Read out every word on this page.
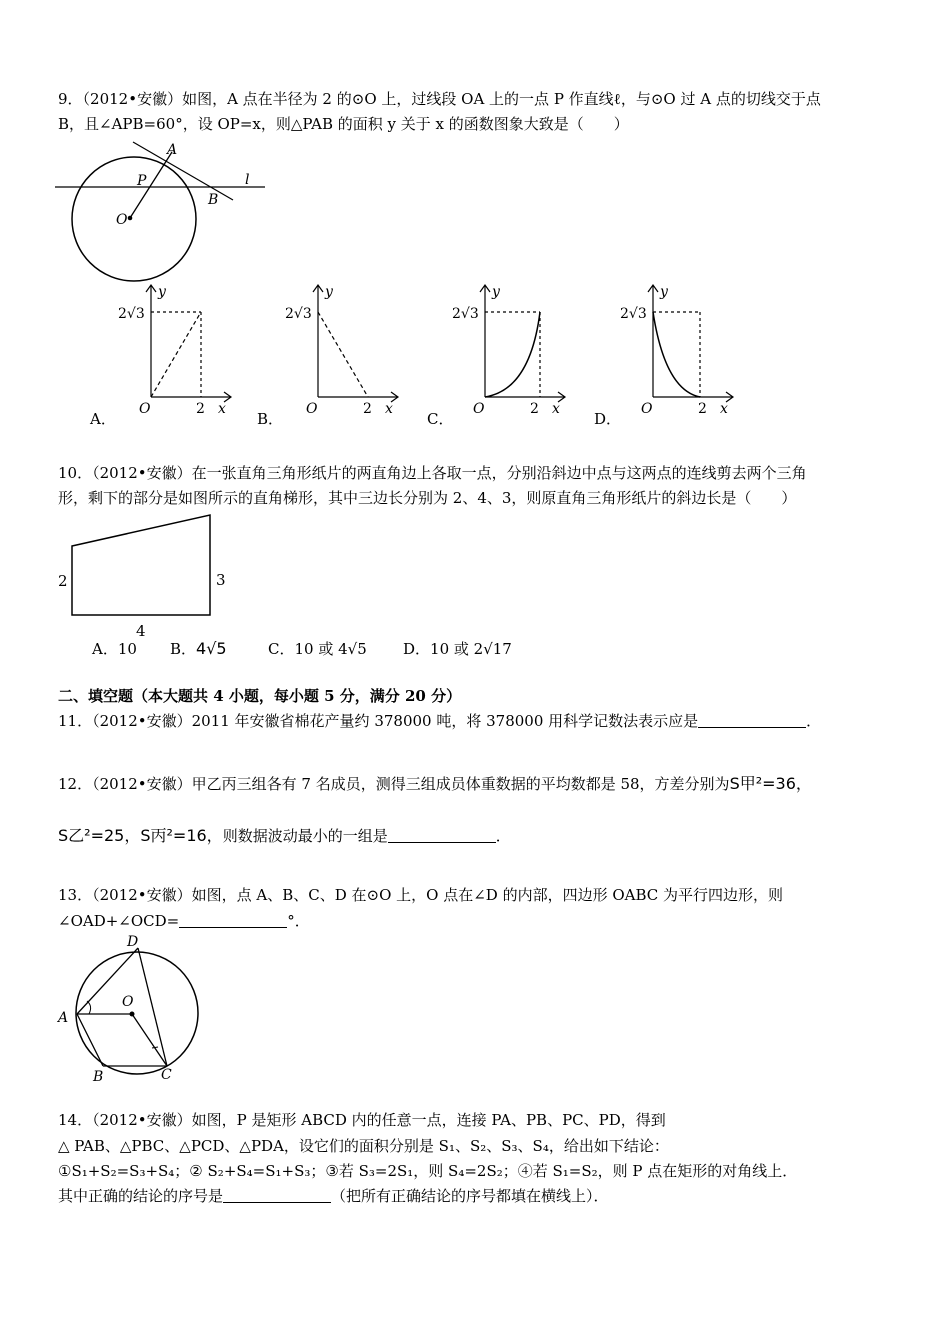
9．（2012•安徽）如图，A 点在半径为 2 的⊙O 上，过线段 OA 上的一点 P 作直线ℓ，与⊙O 过 A 点的切线交于点
B，且∠APB=60°，设 OP=x，则△PAB 的面积 y 关于 x 的函数图象大致是（　　）
A
P
O
B
l
2√3
y
O	2 x
A．
2√3
y
O	2 x
B．
2√3
y
O	2 x
C．
2√3
y
O	2 x
D．
10．（2012•安徽）在一张直角三角形纸片的两直角边上各取一点，分别沿斜边中点与这两点的连线剪去两个三角
形，剩下的部分是如图所示的直角梯形，其中三边长分别为 2、4、3，则原直角三角形纸片的斜边长是（　　）
2	3
4
A．10 B．4√5	C．10 或 4√5 D．10 或 2√17
二、填空题（本大题共 4 小题，每小题 5 分，满分 20 分）
11．（2012•安徽）2011 年安徽省棉花产量约 378000 吨，将 378000 用科学记数法表示应是	．
12．（2012•安徽）甲乙丙三组各有 7 名成员，测得三组成员体重数据的平均数都是 58，方差分别为S甲²=36，
S乙²=25，S丙²=16，则数据波动最小的一组是	．
13．（2012•安徽）如图，点 A、B、C、D 在⊙O 上，O 点在∠D 的内部，四边形 OABC 为平行四边形，则
∠OAD+∠OCD=	°．
D
O
A
B	C
14．（2012•安徽）如图，P 是矩形 ABCD 内的任意一点，连接 PA、PB、PC、PD，得到
△ PAB、△PBC、△PCD、△PDA，设它们的面积分别是 S₁、S₂、S₃、S₄，给出如下结论：
①S₁+S₂=S₃+S₄；② S₂+S₄=S₁+S₃；③若 S₃=2S₁，则 S₄=2S₂；④若 S₁=S₂，则 P 点在矩形的对角线上．
其中正确的结论的序号是	（把所有正确结论的序号都填在横线上）．
